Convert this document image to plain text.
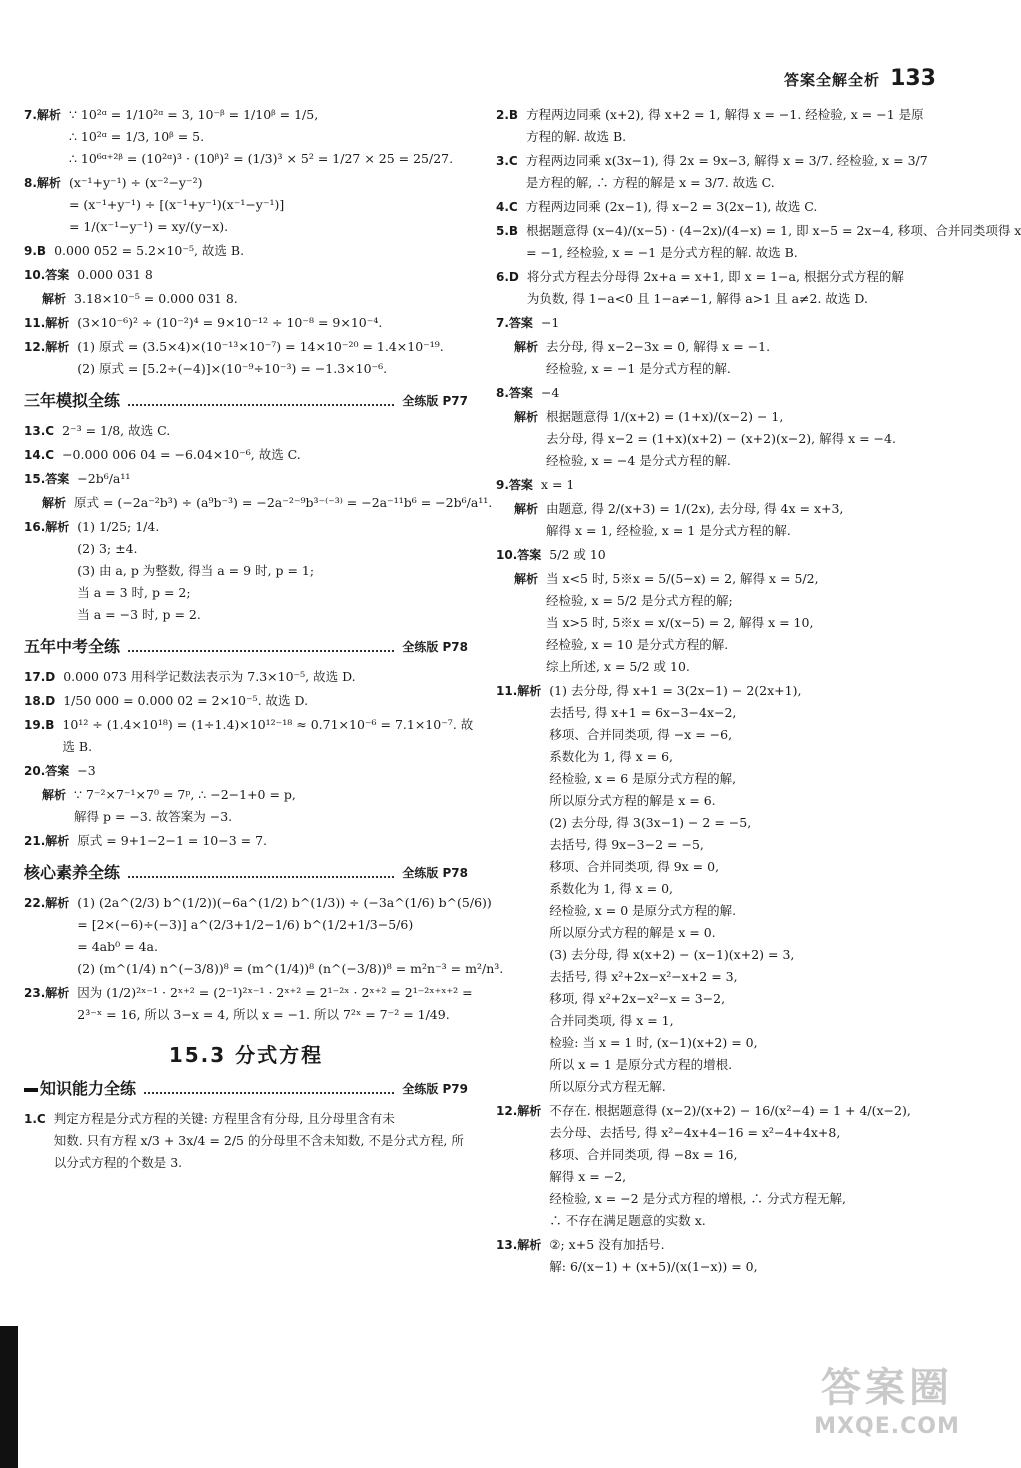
答案全解全析 133
7.解析 ∵ 10²ᵅ = 1/10²ᵅ = 3, 10⁻ᵝ = 1/10ᵝ = 1/5,
∴ 10²ᵅ = 1/3, 10ᵝ = 5.
∴ 10⁶ᵅ⁺²ᵝ = (10²ᵅ)³ · (10ᵝ)² = (1/3)³ × 5² = 1/27 × 25 = 25/27.
8.解析 (x⁻¹+y⁻¹) ÷ (x⁻²−y⁻²)
= (x⁻¹+y⁻¹) ÷ [(x⁻¹+y⁻¹)(x⁻¹−y⁻¹)]
= 1/(x⁻¹−y⁻¹) = xy/(y−x).
9.B 0.000 052 = 5.2×10⁻⁵, 故选 B.
10.答案 0.000 031 8
解析 3.18×10⁻⁵ = 0.000 031 8.
11.解析 (3×10⁻⁶)² ÷ (10⁻²)⁴ = 9×10⁻¹² ÷ 10⁻⁸ = 9×10⁻⁴.
12.解析 (1) 原式 = (3.5×4)×(10⁻¹³×10⁻⁷) = 14×10⁻²⁰ = 1.4×10⁻¹⁹.
(2) 原式 = [5.2÷(−4)]×(10⁻⁹÷10⁻³) = −1.3×10⁻⁶.
三年模拟全练	全练版 P77
13.C 2⁻³ = 1/8, 故选 C.
14.C −0.000 006 04 = −6.04×10⁻⁶, 故选 C.
15.答案 −2b⁶/a¹¹
解析 原式 = (−2a⁻²b³) ÷ (a⁹b⁻³) = −2a⁻²⁻⁹b³⁻⁽⁻³⁾ = −2a⁻¹¹b⁶ = −2b⁶/a¹¹.
16.解析 (1) 1/25; 1/4.
(2) 3; ±4.
(3) 由 a, p 为整数, 得当 a = 9 时, p = 1;
当 a = 3 时, p = 2;
当 a = −3 时, p = 2.
五年中考全练	全练版 P78
17.D 0.000 073 用科学记数法表示为 7.3×10⁻⁵, 故选 D.
18.D 1/50 000 = 0.000 02 = 2×10⁻⁵. 故选 D.
19.B 10¹² ÷ (1.4×10¹⁸) = (1÷1.4)×10¹²⁻¹⁸ ≈ 0.71×10⁻⁶ = 7.1×10⁻⁷. 故
选 B.
20.答案 −3
解析 ∵ 7⁻²×7⁻¹×7⁰ = 7ᵖ, ∴ −2−1+0 = p,
解得 p = −3. 故答案为 −3.
21.解析 原式 = 9+1−2−1 = 10−3 = 7.
核心素养全练	全练版 P78
22.解析 (1) (2a^(2/3) b^(1/2))(−6a^(1/2) b^(1/3)) ÷ (−3a^(1/6) b^(5/6))
= [2×(−6)÷(−3)] a^(2/3+1/2−1/6) b^(1/2+1/3−5/6)
= 4ab⁰ = 4a.
(2) (m^(1/4) n^(−3/8))⁸ = (m^(1/4))⁸ (n^(−3/8))⁸ = m²n⁻³ = m²/n³.
23.解析 因为 (1/2)²ˣ⁻¹ · 2ˣ⁺² = (2⁻¹)²ˣ⁻¹ · 2ˣ⁺² = 2¹⁻²ˣ · 2ˣ⁺² = 2¹⁻²ˣ⁺ˣ⁺² =
2³⁻ˣ = 16, 所以 3−x = 4, 所以 x = −1. 所以 7²ˣ = 7⁻² = 1/49.
15.3 分式方程
知识能力全练	全练版 P79
1.C 判定方程是分式方程的关键: 方程里含有分母, 且分母里含有未
知数. 只有方程 x/3 + 3x/4 = 2/5 的分母里不含未知数, 不是分式方程, 所
以分式方程的个数是 3.
2.B 方程两边同乘 (x+2), 得 x+2 = 1, 解得 x = −1. 经检验, x = −1 是原
方程的解. 故选 B.
3.C 方程两边同乘 x(3x−1), 得 2x = 9x−3, 解得 x = 3/7. 经检验, x = 3/7
是方程的解, ∴ 方程的解是 x = 3/7. 故选 C.
4.C 方程两边同乘 (2x−1), 得 x−2 = 3(2x−1), 故选 C.
5.B 根据题意得 (x−4)/(x−5) · (4−2x)/(4−x) = 1, 即 x−5 = 2x−4, 移项、合并同类项得 x
= −1, 经检验, x = −1 是分式方程的解. 故选 B.
6.D 将分式方程去分母得 2x+a = x+1, 即 x = 1−a, 根据分式方程的解
为负数, 得 1−a<0 且 1−a≠−1, 解得 a>1 且 a≠2. 故选 D.
7.答案 −1
解析 去分母, 得 x−2−3x = 0, 解得 x = −1.
经检验, x = −1 是分式方程的解.
8.答案 −4
解析 根据题意得 1/(x+2) = (1+x)/(x−2) − 1,
去分母, 得 x−2 = (1+x)(x+2) − (x+2)(x−2), 解得 x = −4.
经检验, x = −4 是分式方程的解.
9.答案 x = 1
解析 由题意, 得 2/(x+3) = 1/(2x), 去分母, 得 4x = x+3,
解得 x = 1, 经检验, x = 1 是分式方程的解.
10.答案 5/2 或 10
解析 当 x<5 时, 5※x = 5/(5−x) = 2, 解得 x = 5/2,
经检验, x = 5/2 是分式方程的解;
当 x>5 时, 5※x = x/(x−5) = 2, 解得 x = 10,
经检验, x = 10 是分式方程的解.
综上所述, x = 5/2 或 10.
11.解析 (1) 去分母, 得 x+1 = 3(2x−1) − 2(2x+1),
去括号, 得 x+1 = 6x−3−4x−2,
移项、合并同类项, 得 −x = −6,
系数化为 1, 得 x = 6,
经检验, x = 6 是原分式方程的解,
所以原分式方程的解是 x = 6.
(2) 去分母, 得 3(3x−1) − 2 = −5,
去括号, 得 9x−3−2 = −5,
移项、合并同类项, 得 9x = 0,
系数化为 1, 得 x = 0,
经检验, x = 0 是原分式方程的解.
所以原分式方程的解是 x = 0.
(3) 去分母, 得 x(x+2) − (x−1)(x+2) = 3,
去括号, 得 x²+2x−x²−x+2 = 3,
移项, 得 x²+2x−x²−x = 3−2,
合并同类项, 得 x = 1,
检验: 当 x = 1 时, (x−1)(x+2) = 0,
所以 x = 1 是原分式方程的增根.
所以原分式方程无解.
12.解析 不存在. 根据题意得 (x−2)/(x+2) − 16/(x²−4) = 1 + 4/(x−2),
去分母、去括号, 得 x²−4x+4−16 = x²−4+4x+8,
移项、合并同类项, 得 −8x = 16,
解得 x = −2,
经检验, x = −2 是分式方程的增根, ∴ 分式方程无解,
∴ 不存在满足题意的实数 x.
13.解析 ②; x+5 没有加括号.
解: 6/(x−1) + (x+5)/(x(1−x)) = 0,
答案圈
MXQE.COM
